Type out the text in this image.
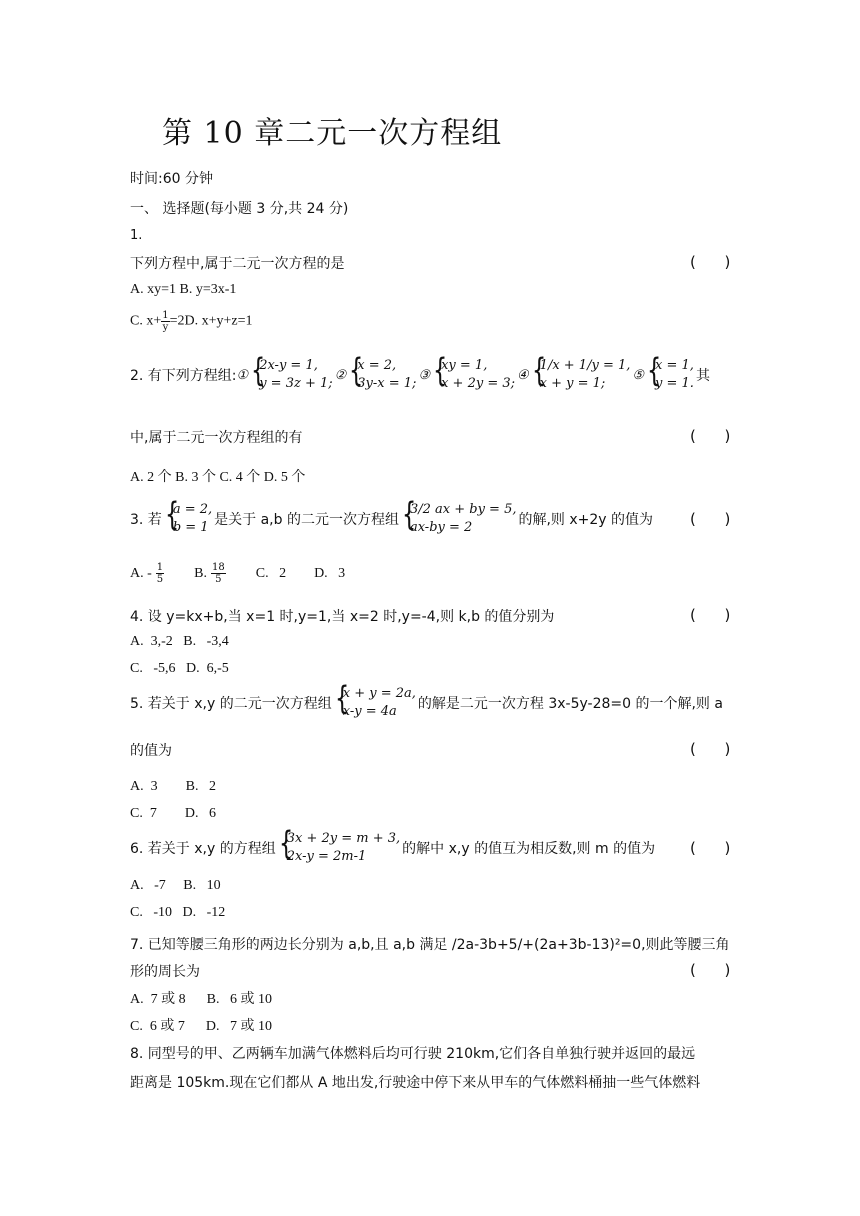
第 10 章二元一次方程组
时间:60 分钟
一、 选择题(每小题 3 分,共 24 分)
1.
下列方程中,属于二元一次方程的是	(      )
A. xy=1 B. y=3x-1
C. $x+ \frac{1}{y} =2D$. x+y+z=1
2. 有下列方程组: ①
{ 2x-y = 1,
y = 3z + 1;
②
{ x = 2,
3y-x = 1;
③
{ xy = 1,
x + 2y = 3;
④
{ 1/x + 1/y = 1,
x + y = 1;
⑤
{ x = 1,
y = 1. 其
中,属于二元一次方程组的有	(      )
A. 2 个 B. 3 个 C. 4 个 D. 5 个
3. 若
{ a = 2,
b = 1 是关于 a,b 的二元一次方程组
{ 3/2 ax + by = 5,
ax-by = 2	的解,则 x+2y 的值为 (      )
A. - $\frac{1}{5} B$. $\frac{18}{5} C$.   2        D.   3
4. 设 y=kx+b,当 x=1 时,y=1,当 x=2 时,y=-4,则 k,b 的值分别为	(      )
A.  3,-2   B.   -3,4
C.   -5,6   D.  6,-5
5. 若关于 x,y 的二元一次方程组
{ x + y = 2a,
x-y = 4a	的解是二元一次方程 3x-5y-28=0 的一个解,则 a
的值为	(      )
A.  3        B.   2
C.  7        D.   6
6. 若关于 x,y 的方程组
{ 3x + 2y = m + 3,
2x-y = 2m-1	的解中 x,y 的值互为相反数,则 m 的值为 (      )
A.   -7     B.   10
C.   -10   D.   -12
7. 已知等腰三角形的两边长分别为 a,b,且 a,b 满足 /2a-3b+5/+(2a+3b-13)²=0,则此等腰三角
形的周长为	(      )
A.  7 或 8      B.   6 或 10
C.  6 或 7      D.   7 或 10
8. 同型号的甲、乙两辆车加满气体燃料后均可行驶 210km,它们各自单独行驶并返回的最远
距离是 105km.现在它们都从 A 地出发,行驶途中停下来从甲车的气体燃料桶抽一些气体燃料
